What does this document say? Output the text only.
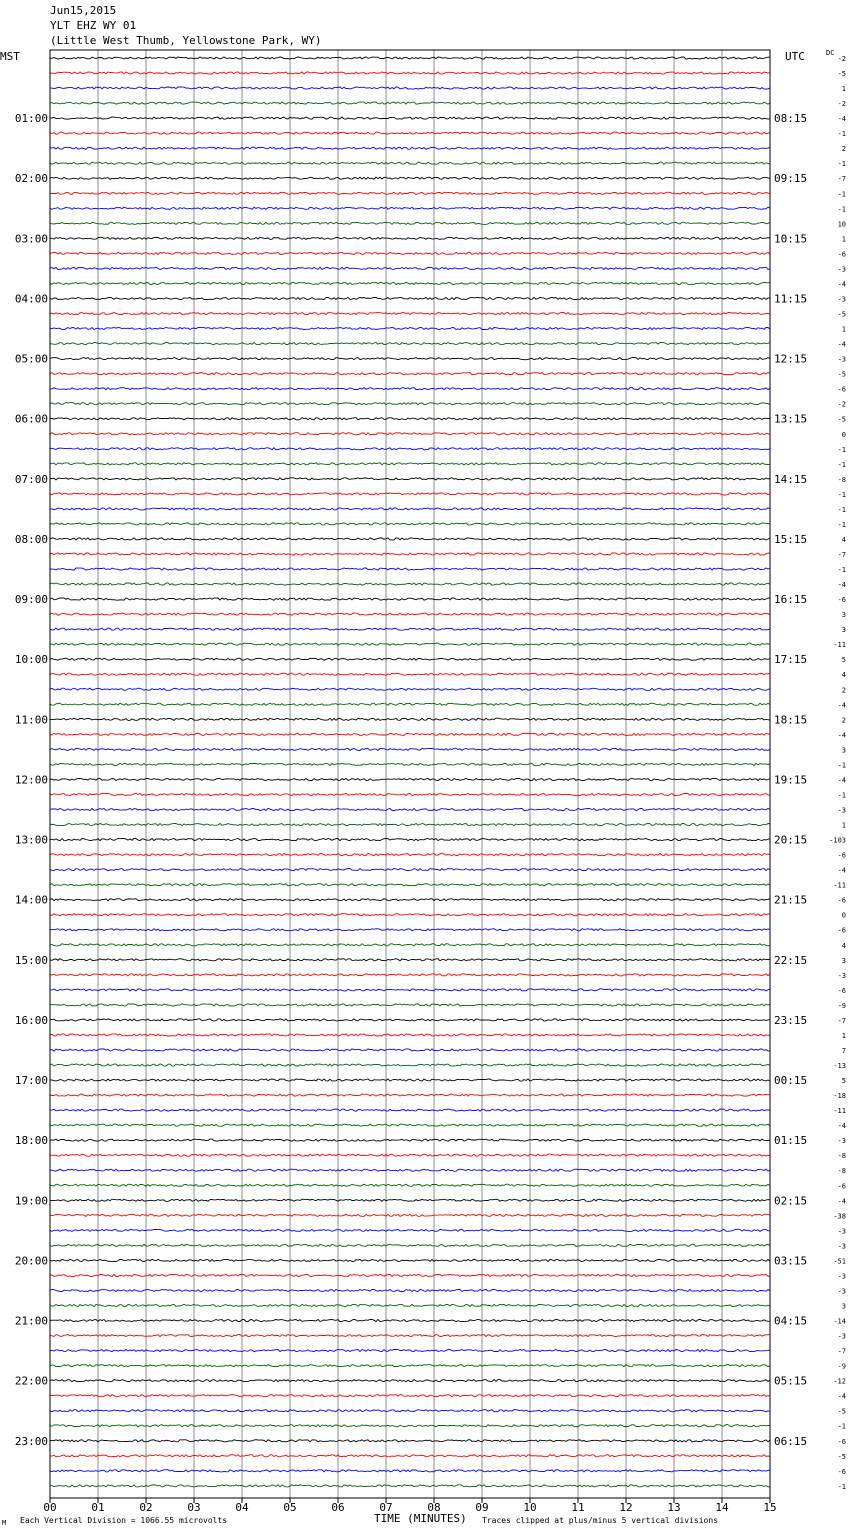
Jun15,2015
YLT EHZ WY 01
(Little West Thumb, Yellowstone Park, WY)
MST	UTC	DC
-2
-5
1
-2
-4
-1
2
-1
-7
-1
-1
10
1
-6
-3
-4
-3
-5
1
-4
-3
-5
-6
-2
-5
0
-1
-1
-8
-1
-1
-1
4
-7
-1
-4
-6
3
3
-11
5
4
2
-4
2
-4
3
-1
-4
-1
-3
1
-103
-6
-4
-11
-6
0
-6
4
3
-3
-6
-9
-7
1
7
-13
5
-18
-11
-4
-3
-8
-8
-6
-4
-38
-3
-3
-51
-3
-3
3
-14
-3
-7
-9
-12
-4
-5
-1
-6
-5
-6
-1
01:00	08:15
02:00	09:15
03:00	10:15
04:00	11:15
05:00	12:15
06:00	13:15
07:00	14:15
08:00	15:15
09:00	16:15
10:00	17:15
11:00	18:15
12:00	19:15
13:00	20:15
14:00	21:15
15:00	22:15
16:00	23:15
17:00	00:15
18:00	01:15
19:00	02:15
20:00	03:15
21:00	04:15
22:00	05:15
23:00	06:15
00	01	02	03	04	05	06	07	08	09	10	11	12	13	14	15
M Each Vertical Division = 1066.55 microvolts	TIME (MINUTES) Traces clipped at plus/minus 5 vertical divisions
